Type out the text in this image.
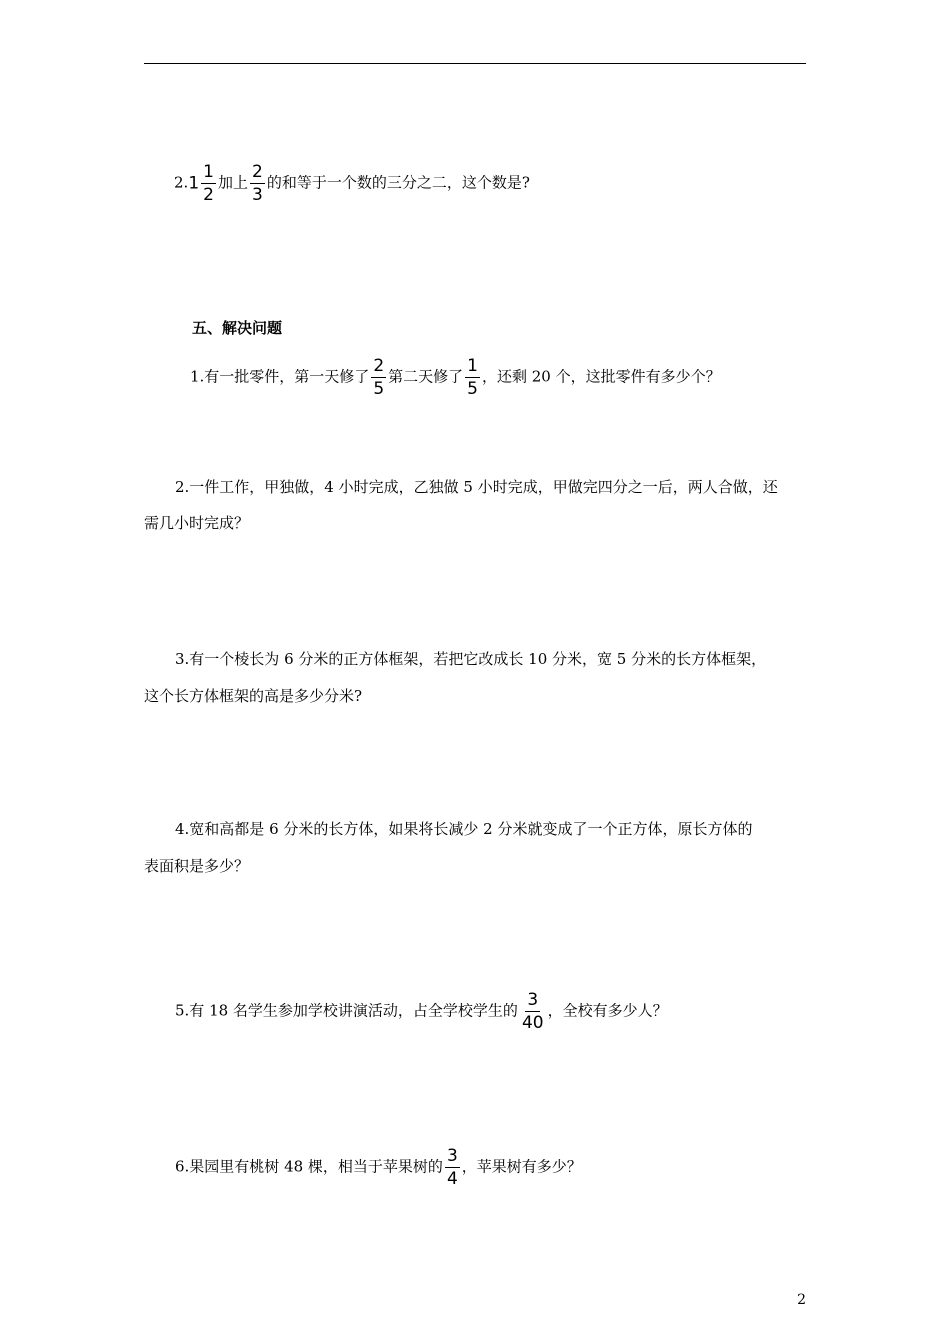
$2.1 \frac{1}{2}$ 加上 $\frac{2}{3}$ 的和等于一个数的三分之二，这个数是?
五、解决问题
1.有一批零件，第一天修了 $\frac{2}{5}$ 第二天修了 $\frac{1}{5}$ ，还剩 20 个，这批零件有多少个？
2.一件工作，甲独做，4 小时完成，乙独做 5 小时完成，甲做完四分之一后，两人合做，还
需几小时完成？
3.有一个棱长为 6 分米的正方体框架，若把它改成长 10 分米，宽 5 分米的长方体框架，
这个长方体框架的高是多少分米?
4.宽和高都是 6 分米的长方体，如果将长减少 2 分米就变成了一个正方体，原长方体的
表面积是多少？
5.有 18 名学生参加学校讲演活动，占全学校学生的 $\frac{3}{40}$ ，全校有多少人？
6.果园里有桃树 48 棵，相当于苹果树的 $\frac{3}{4}$ ，苹果树有多少？
2
